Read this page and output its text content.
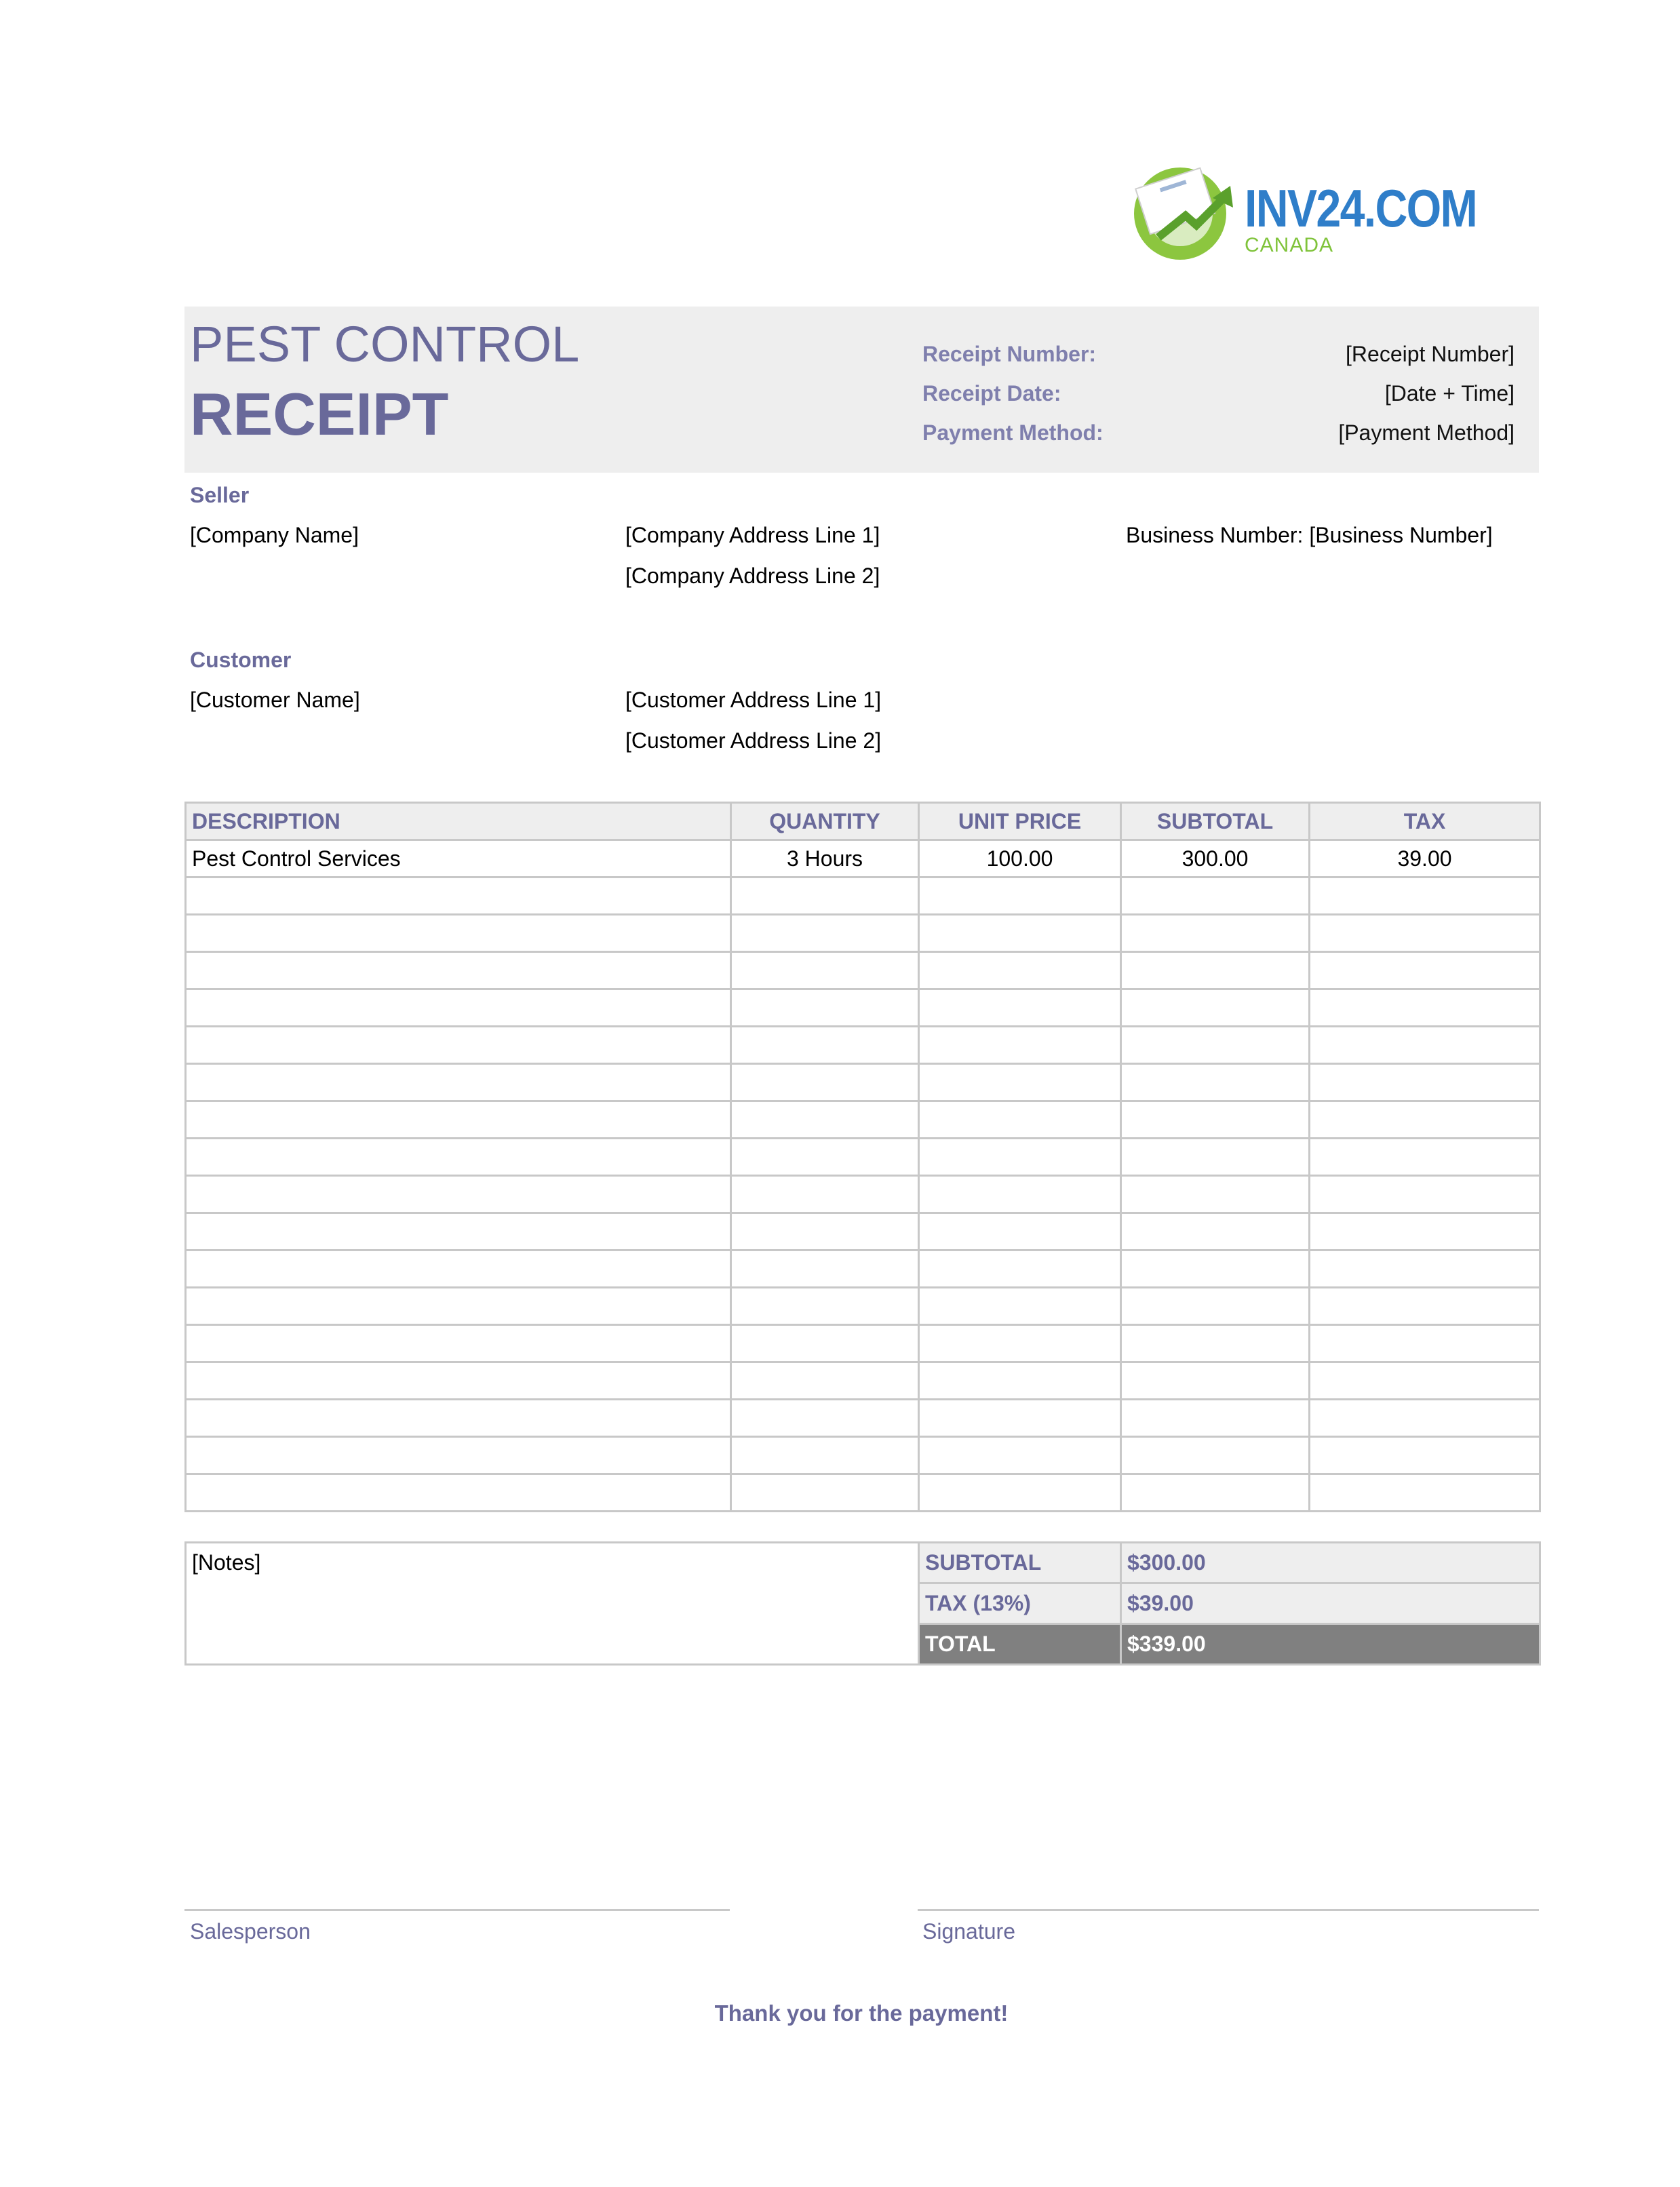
INV24.COM
CANADA
PEST CONTROL
RECEIPT
Receipt Number:	[Receipt Number]
Receipt Date:	[Date + Time]
Payment Method:	[Payment Method]
Seller
[Company Name]	[Company Address Line 1]
[Company Address Line 2]
Business Number: [Business Number]
Customer
[Customer Name]	[Customer Address Line 1]
[Customer Address Line 2]
DESCRIPTION	QUANTITY	UNIT PRICE	SUBTOTAL	TAX
Pest Control Services	3 Hours	100.00	300.00	39.00

[Notes]	SUBTOTAL	$300.00
	TAX (13%)	$39.00
	TOTAL	$339.00
Salesperson	Signature
Thank you for the payment!
